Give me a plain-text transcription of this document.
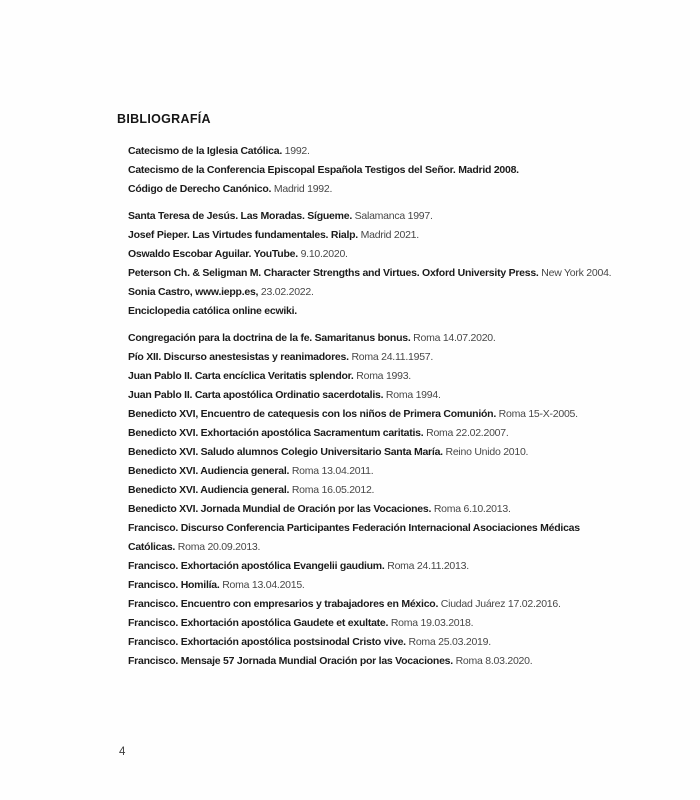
BIBLIOGRAFÍA
Catecismo de la Iglesia Católica. 1992.
Catecismo de la Conferencia Episcopal Española Testigos del Señor. Madrid 2008.
Código de Derecho Canónico. Madrid 1992.
Santa Teresa de Jesús. Las Moradas. Sígueme. Salamanca 1997.
Josef Pieper. Las Virtudes fundamentales. Rialp. Madrid 2021.
Oswaldo Escobar Aguilar. YouTube. 9.10.2020.
Peterson Ch. & Seligman M. Character Strengths and Virtues. Oxford University Press. New York 2004.
Sonia Castro, www.iepp.es, 23.02.2022.
Enciclopedia católica online ecwiki.
Congregación para la doctrina de la fe. Samaritanus bonus. Roma 14.07.2020.
Pío XII. Discurso anestesistas y reanimadores. Roma 24.11.1957.
Juan Pablo II. Carta encíclica Veritatis splendor. Roma 1993.
Juan Pablo II. Carta apostólica Ordinatio sacerdotalis. Roma 1994.
Benedicto XVI, Encuentro de catequesis con los niños de Primera Comunión. Roma 15-X-2005.
Benedicto XVI. Exhortación apostólica Sacramentum caritatis. Roma 22.02.2007.
Benedicto XVI. Saludo alumnos Colegio Universitario Santa María. Reino Unido 2010.
Benedicto XVI. Audiencia general. Roma 13.04.2011.
Benedicto XVI. Audiencia general. Roma 16.05.2012.
Benedicto XVI. Jornada Mundial de Oración por las Vocaciones. Roma 6.10.2013.
Francisco. Discurso Conferencia Participantes Federación Internacional Asociaciones Médicas
Católicas. Roma 20.09.2013.
Francisco. Exhortación apostólica Evangelii gaudium. Roma 24.11.2013.
Francisco. Homilía. Roma 13.04.2015.
Francisco. Encuentro con empresarios y trabajadores en México. Ciudad Juárez 17.02.2016.
Francisco. Exhortación apostólica Gaudete et exultate. Roma 19.03.2018.
Francisco. Exhortación apostólica postsinodal Cristo vive. Roma 25.03.2019.
Francisco. Mensaje 57 Jornada Mundial Oración por las Vocaciones. Roma 8.03.2020.
4
